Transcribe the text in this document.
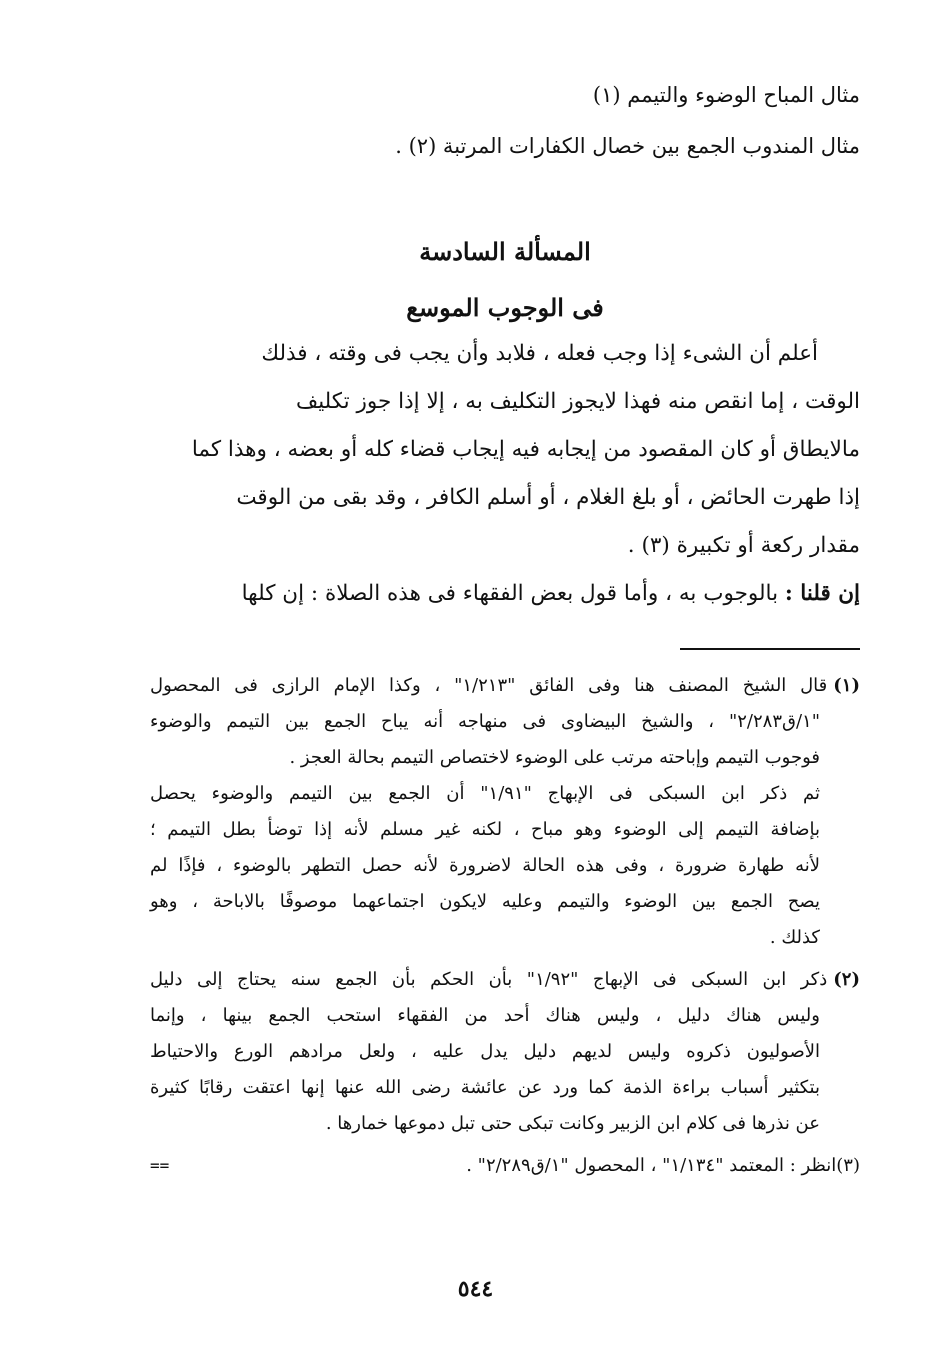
مثال المباح الوضوء والتيمم (١)
مثال المندوب الجمع بين خصال الكفارات المرتبة (٢) .
المسألة السادسة
فى الوجوب الموسع
أعلم أن الشىء إذا وجب فعله ، فلابد وأن يجب فى وقته ، فذلك
الوقت ، إما انقص منه فهذا لايجوز التكليف به ، إلا إذا جوز تكليف
مالايطاق أو كان المقصود من إيجابه فيه إيجاب قضاء كله أو بعضه ، وهذا كما
إذا طهرت الحائض ، أو بلغ الغلام ، أو أسلم الكافر ، وقد بقى من الوقت
مقدار ركعة أو تكبيرة (٣) .
إن قلنا : بالوجوب به ، وأما قول بعض الفقهاء فى هذه الصلاة : إن كلها
(١)قال الشيخ المصنف هنا وفى الفائق "١/٢١٣" ، وكذا الإمام الرازى فى المحصول
"١/ق٢/٢٨٣" ، والشيخ البيضاوى فى منهاجه أنه يباح الجمع بين التيمم والوضوء
فوجوب التيمم وإباحته مرتب على الوضوء لاختصاص التيمم بحالة العجز .
ثم ذكر ابن السبكى فى الإبهاج "١/٩١" أن الجمع بين التيمم والوضوء يحصل
بإضافة التيمم إلى الوضوء وهو مباح ، لكنه غير مسلم لأنه إذا توضأ بطل التيمم ؛
لأنه طهارة ضرورة ، وفى هذه الحالة لاضرورة لأنه حصل التطهر بالوضوء ، فإذًا لم
يصح الجمع بين الوضوء والتيمم وعليه لايكون اجتماعهما موصوفًا بالاباحة ، وهو
كذلك .
(٢)ذكر ابن السبكى فى الإبهاج "١/٩٢" بأن الحكم بأن الجمع سنه يحتاج إلى دليل
وليس هناك دليل ، وليس هناك أحد من الفقهاء استحب الجمع بينها ، وإنما
الأصوليون ذكروه وليس لديهم دليل يدل عليه ، ولعل مرادهم الورع والاحتياط
بتكثير أسباب براءة الذمة كما ورد عن عائشة رضى الله عنها إنها اعتقت رقابًا كثيرة
عن نذرها فى كلام ابن الزبير وكانت تبكى حتى تبل دموعها خمارها .
(٣)انظر : المعتمد "١/١٣٤" ، المحصول "١/ق٢/٢٨٩" .
==
٥٤٤
